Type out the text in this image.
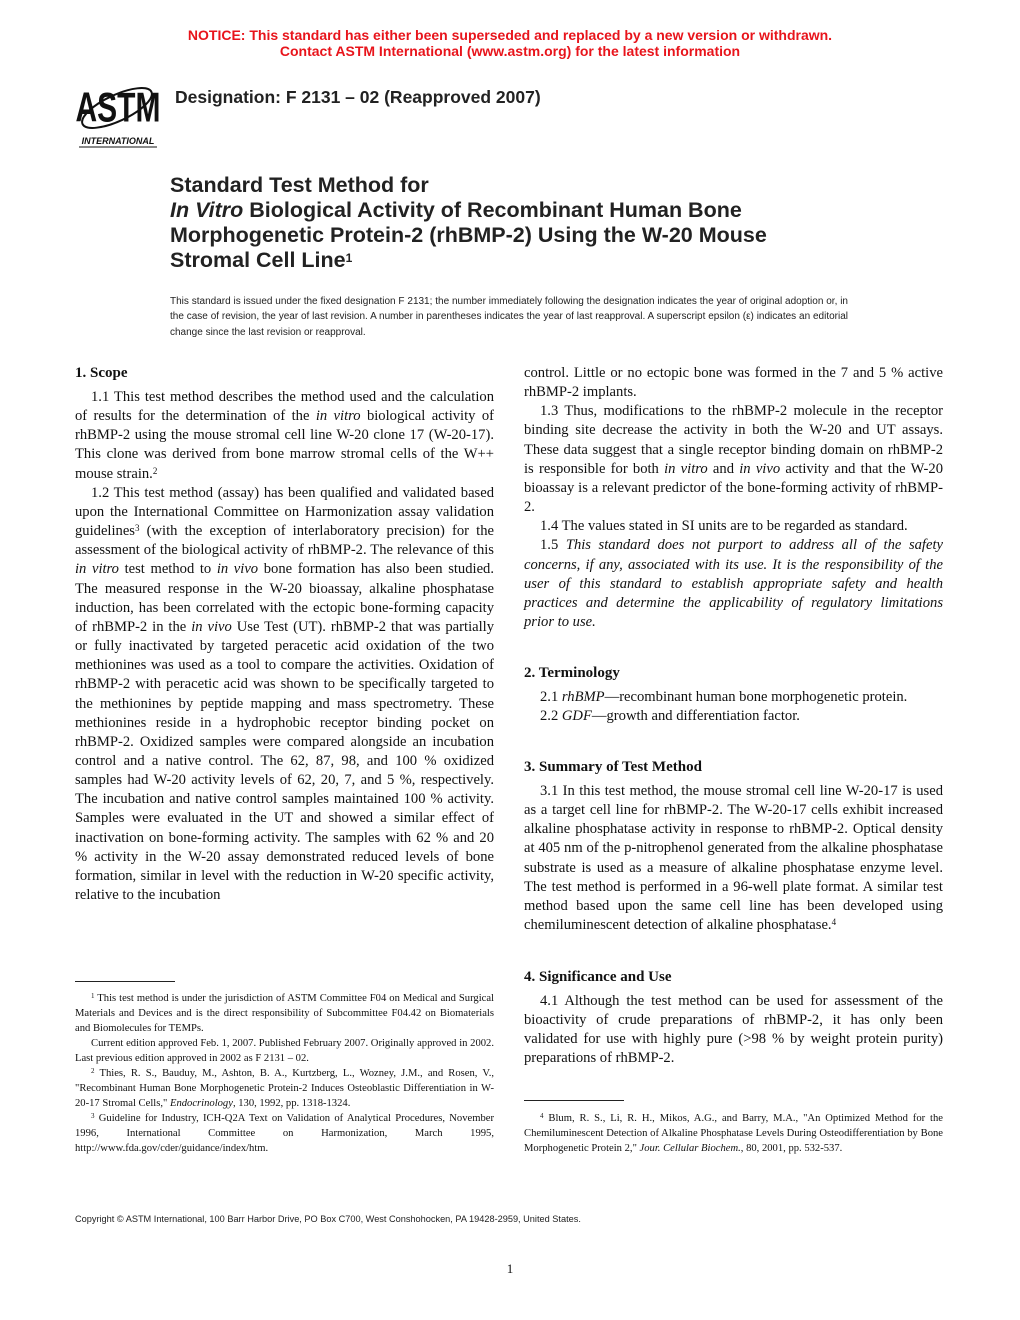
NOTICE: This standard has either been superseded and replaced by a new version or withdrawn.
Contact ASTM International (www.astm.org) for the latest information
ASTM
INTERNATIONAL
Designation: F 2131 – 02 (Reapproved 2007)
Standard Test Method for
In Vitro Biological Activity of Recombinant Human Bone
Morphogenetic Protein-2 (rhBMP-2) Using the W-20 Mouse
Stromal Cell Line$^1$
This standard is issued under the fixed designation F 2131; the number immediately following the designation indicates the year of original adoption or, in the case of revision, the year of last revision. A number in parentheses indicates the year of last reapproval. A superscript epsilon (ε) indicates an editorial change since the last revision or reapproval.
1. Scope

1.1 This test method describes the method used and the calculation of results for the determination of the in vitro biological activity of rhBMP-2 using the mouse stromal cell line W-20 clone 17 (W-20-17). This clone was derived from bone marrow stromal cells of the W++ mouse strain.$^2$

1.2 This test method (assay) has been qualified and validated based upon the International Committee on Harmonization assay validation guidelines$^3$ (with the exception of interlaboratory precision) for the assessment of the biological activity of rhBMP-2. The relevance of this in vitro test method to in vivo bone formation has also been studied. The measured response in the W-20 bioassay, alkaline phosphatase induction, has been correlated with the ectopic bone-forming capacity of rhBMP-2 in the in vivo Use Test (UT). rhBMP-2 that was partially or fully inactivated by targeted peracetic acid oxidation of the two methionines was used as a tool to compare the activities. Oxidation of rhBMP-2 with peracetic acid was shown to be specifically targeted to the methionines by peptide mapping and mass spectrometry. These methionines reside in a hydrophobic receptor binding pocket on rhBMP-2. Oxidized samples were compared alongside an incubation control and a native control. The 62, 87, 98, and 100 % oxidized samples had W-20 activity levels of 62, 20, 7, and 5 %, respectively. The incubation and native control samples maintained 100 % activity. Samples were evaluated in the UT and showed a similar effect of inactivation on bone-forming activity. The samples with 62 % and 20 % activity in the W-20 assay demonstrated reduced levels of bone formation, similar in level with the reduction in W-20 specific activity, relative to the incubation

control. Little or no ectopic bone was formed in the 7 and 5 % active rhBMP-2 implants.

1.3 Thus, modifications to the rhBMP-2 molecule in the receptor binding site decrease the activity in both the W-20 and UT assays. These data suggest that a single receptor binding domain on rhBMP-2 is responsible for both in vitro and in vivo activity and that the W-20 bioassay is a relevant predictor of the bone-forming activity of rhBMP-2.

1.4 The values stated in SI units are to be regarded as standard.

1.5 This standard does not purport to address all of the safety concerns, if any, associated with its use. It is the responsibility of the user of this standard to establish appropriate safety and health practices and determine the applicability of regulatory limitations prior to use.

2. Terminology

2.1 rhBMP—recombinant human bone morphogenetic protein.

2.2 GDF—growth and differentiation factor.

3. Summary of Test Method

3.1 In this test method, the mouse stromal cell line W-20-17 is used as a target cell line for rhBMP-2. The W-20-17 cells exhibit increased alkaline phosphatase activity in response to rhBMP-2. Optical density at 405 nm of the p-nitrophenol generated from the alkaline phosphatase substrate is used as a measure of alkaline phosphatase enzyme level. The test method is performed in a 96-well plate format. A similar test method based upon the same cell line has been developed using chemiluminescent detection of alkaline phosphatase.$^4$

4. Significance and Use

4.1 Although the test method can be used for assessment of the bioactivity of crude preparations of rhBMP-2, it has only been validated for use with highly pure (>98 % by weight protein purity) preparations of rhBMP-2.

$^1$ This test method is under the jurisdiction of ASTM Committee F04 on Medical and Surgical Materials and Devices and is the direct responsibility of Subcommittee F04.42 on Biomaterials and Biomolecules for TEMPs.

Current edition approved Feb. 1, 2007. Published February 2007. Originally approved in 2002. Last previous edition approved in 2002 as F 2131 – 02.

$^2$ Thies, R. S., Bauduy, M., Ashton, B. A., Kurtzberg, L., Wozney, J.M., and Rosen, V., "Recombinant Human Bone Morphogenetic Protein-2 Induces Osteoblastic Differentiation in W-20-17 Stromal Cells," Endocrinology, 130, 1992, pp. 1318-1324.

$^3$ Guideline for Industry, ICH-Q2A Text on Validation of Analytical Procedures, November 1996, International Committee on Harmonization, March 1995, http://www.fda.gov/cder/guidance/index/htm.

$^4$ Blum, R. S., Li, R. H., Mikos, A.G., and Barry, M.A., "An Optimized Method for the Chemiluminescent Detection of Alkaline Phosphatase Levels During Osteodifferentiation by Bone Morphogenetic Protein 2," Jour. Cellular Biochem., 80, 2001, pp. 532-537.

Copyright © ASTM International, 100 Barr Harbor Drive, PO Box C700, West Conshohocken, PA 19428-2959, United States.
1
